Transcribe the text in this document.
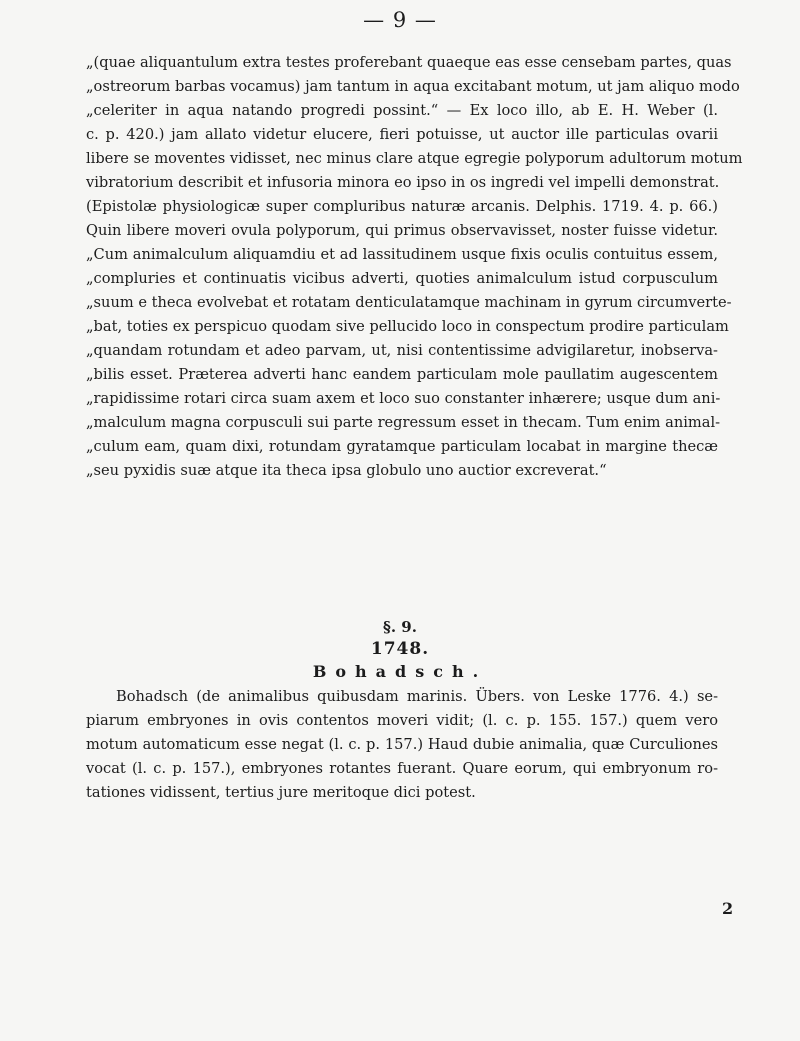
— 9 —
„(quae aliquantulum extra testes proferebant quaeque eas esse censebam partes, quas
„ostreorum barbas vocamus) jam tantum in aqua excitabant motum, ut jam aliquo modo
„celeriter in aqua natando progredi possint.“ — Ex loco illo, ab E. H. Weber (l.
c. p. 420.) jam allato videtur elucere, fieri potuisse, ut auctor ille particulas ovarii
libere se moventes vidisset, nec minus clare atque egregie polyporum adultorum motum
vibratorium describit et infusoria minora eo ipso in os ingredi vel impelli demonstrat.
(Epistolæ physiologicæ super compluribus naturæ arcanis. Delphis. 1719. 4. p. 66.)
Quin libere moveri ovula polyporum, qui primus observavisset, noster fuisse videtur.
„Cum animalculum aliquamdiu et ad lassitudinem usque fixis oculis contuitus essem,
„compluries et continuatis vicibus adverti, quoties animalculum istud corpusculum
„suum e theca evolvebat et rotatam denticulatamque machinam in gyrum circumverte-
„bat, toties ex perspicuo quodam sive pellucido loco in conspectum prodire particulam
„quandam rotundam et adeo parvam, ut, nisi contentissime advigilaretur, inobserva-
„bilis esset. Præterea adverti hanc eandem particulam mole paullatim augescentem
„rapidissime rotari circa suam axem et loco suo constanter inhærere; usque dum ani-
„malculum magna corpusculi sui parte regressum esset in thecam. Tum enim animal-
„culum eam, quam dixi, rotundam gyratamque particulam locabat in margine thecæ
„seu pyxidis suæ atque ita theca ipsa globulo uno auctior excreverat.“
§. 9.
1748.
Bohadsch.
Bohadsch (de animalibus quibusdam marinis. Übers. von Leske 1776. 4.) se-
piarum embryones in ovis contentos moveri vidit; (l. c. p. 155. 157.) quem vero
motum automaticum esse negat (l. c. p. 157.) Haud dubie animalia, quæ Curculiones
vocat (l. c. p. 157.), embryones rotantes fuerant. Quare eorum, qui embryonum ro-
tationes vidissent, tertius jure meritoque dici potest.
2
